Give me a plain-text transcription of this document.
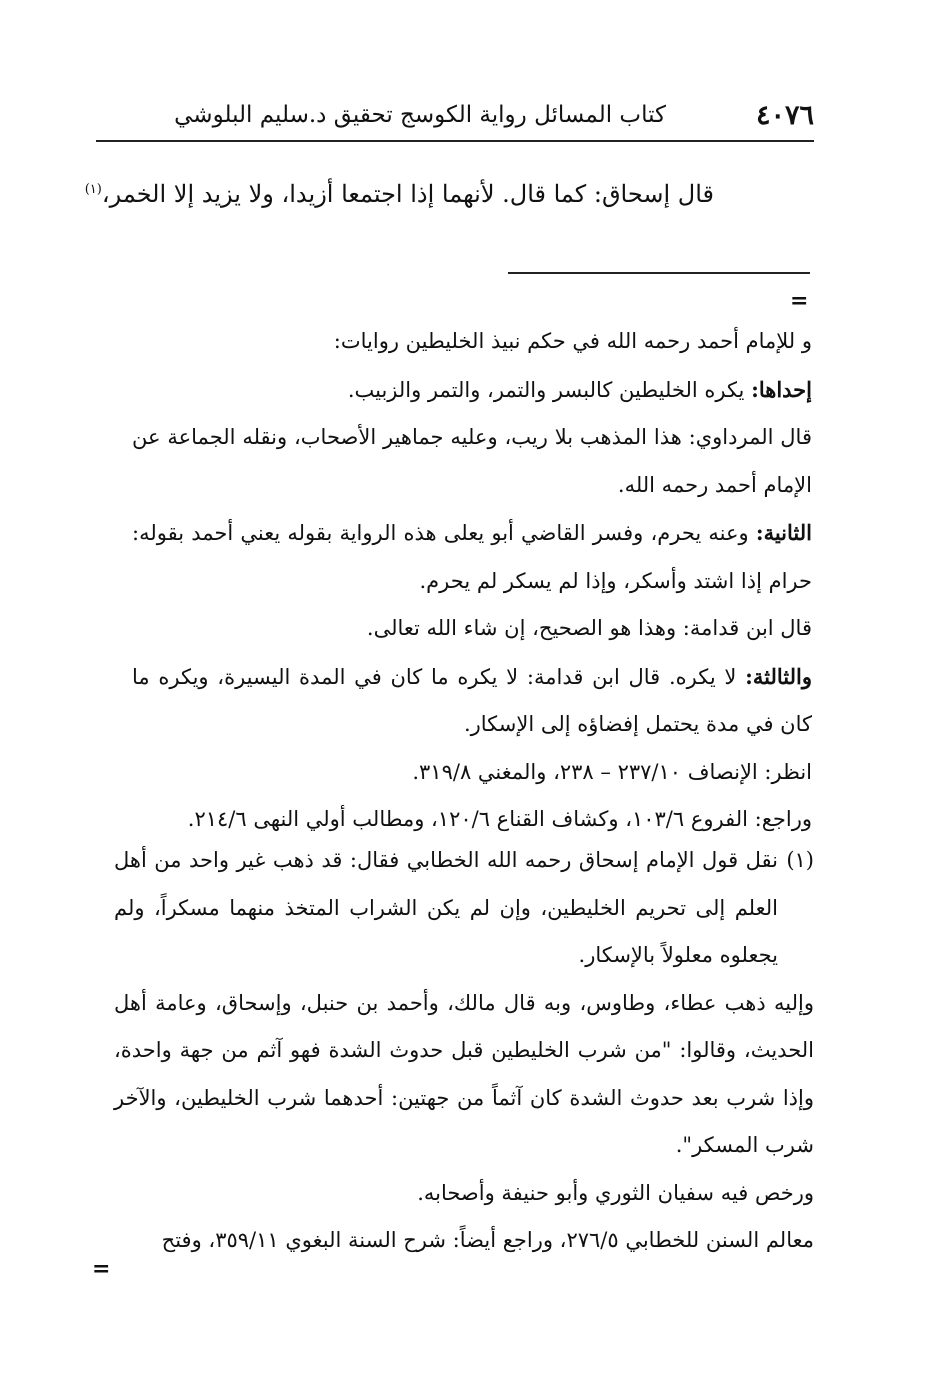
٤٠٧٦
كتاب المسائل رواية الكوسج تحقيق د.سليم البلوشي
قال إسحاق: كما قال. لأنهما إذا اجتمعا أزيدا، ولا يزيد إلا الخمر،$^{(١)}$
=

و للإمام أحمد رحمه الله في حكم نبيذ الخليطين روايات:

إحداها: يكره الخليطين كالبسر والتمر، والتمر والزبيب.

قال المرداوي: هذا المذهب بلا ريب، وعليه جماهير الأصحاب، ونقله الجماعة عن الإمام أحمد رحمه الله.

الثانية: وعنه يحرم، وفسر القاضي أبو يعلى هذه الرواية بقوله يعني أحمد بقوله: حرام إذا اشتد وأسكر، وإذا لم يسكر لم يحرم.

قال ابن قدامة: وهذا هو الصحيح، إن شاء الله تعالى.

والثالثة: لا يكره. قال ابن قدامة: لا يكره ما كان في المدة اليسيرة، ويكره ما كان في مدة يحتمل إفضاؤه إلى الإسكار.

انظر: الإنصاف ٢٣٧/١٠ – ٢٣٨، والمغني ٣١٩/٨.

وراجع: الفروع ١٠٣/٦، وكشاف القناع ١٢٠/٦، ومطالب أولي النهى ٢١٤/٦.

(١)
نقل قول الإمام إسحاق رحمه الله الخطابي فقال: قد ذهب غير واحد من أهل العلم إلى تحريم الخليطين، وإن لم يكن الشراب المتخذ منهما مسكراً، ولم يجعلوه معلولاً بالإسكار.

وإليه ذهب عطاء، وطاوس، وبه قال مالك، وأحمد بن حنبل، وإسحاق، وعامة أهل الحديث، وقالوا: "من شرب الخليطين قبل حدوث الشدة فهو آثم من جهة واحدة، وإذا شرب بعد حدوث الشدة كان آثماً من جهتين: أحدهما شرب الخليطين، والآخر شرب المسكر".

ورخص فيه سفيان الثوري وأبو حنيفة وأصحابه.

معالم السنن للخطابي ٢٧٦/٥، وراجع أيضاً: شرح السنة البغوي ٣٥٩/١١، وفتح

=
